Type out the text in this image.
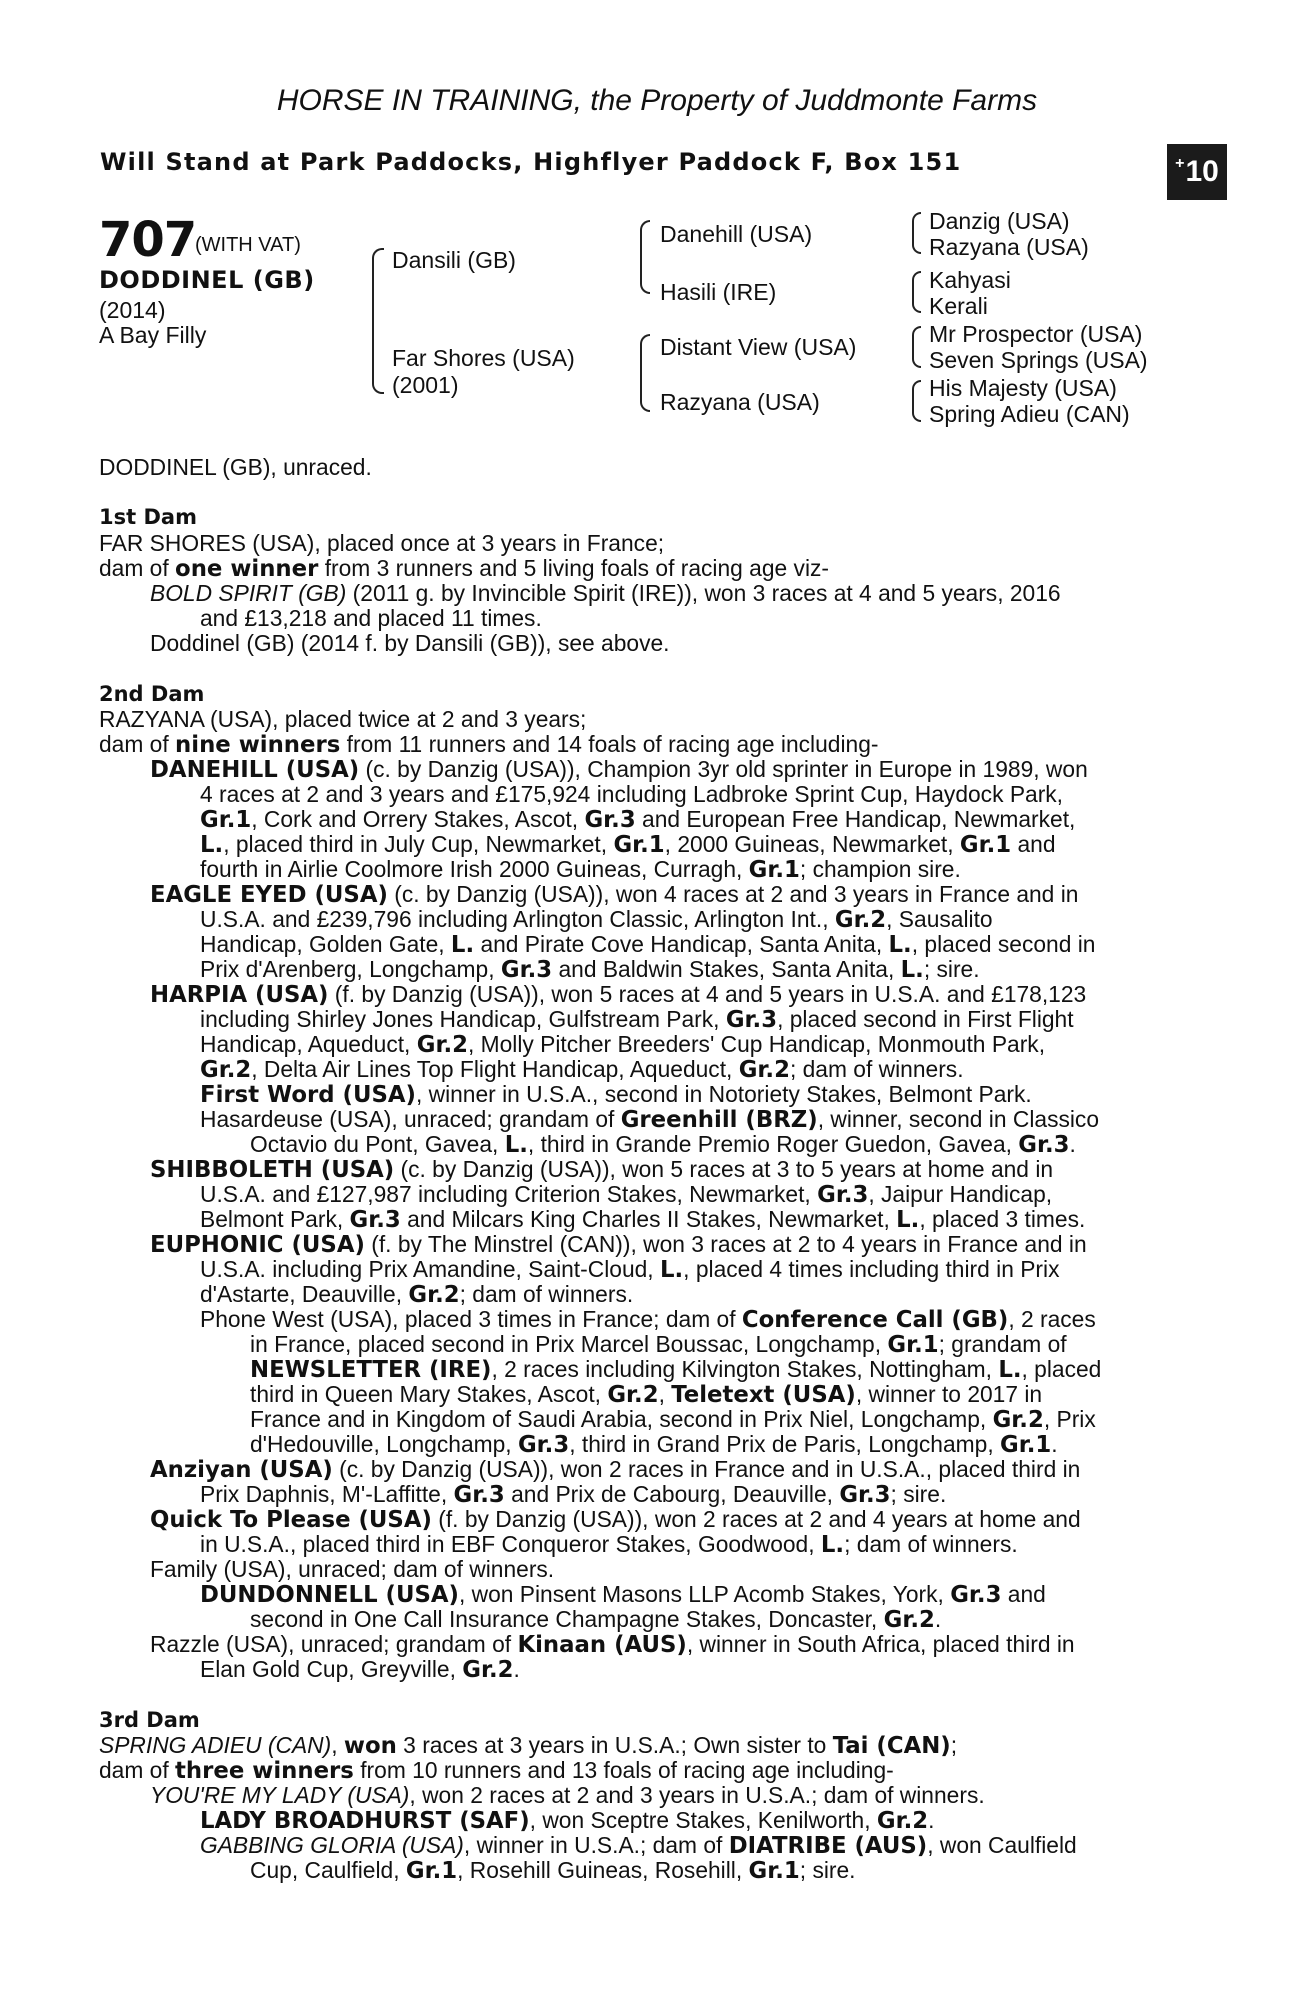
HORSE IN TRAINING, the Property of Juddmonte Farms
Will Stand at Park Paddocks, Highflyer Paddock F, Box 151	+ 10
707
(WITH VAT)
DODDINEL (GB)
(2014)
A Bay Filly
Dansili (GB)
Far Shores (USA)
(2001)
Danehill (USA)
Hasili (IRE)
Distant View (USA)
Razyana (USA)
Danzig (USA)
Razyana (USA)
Kahyasi
Kerali
Mr Prospector (USA)
Seven Springs (USA)
His Majesty (USA)
Spring Adieu (CAN)
DODDINEL (GB), unraced.
1st Dam
FAR SHORES (USA), placed once at 3 years in France;
dam of one winner from 3 runners and 5 living foals of racing age viz-
BOLD SPIRIT (GB) (2011 g. by Invincible Spirit (IRE)), won 3 races at 4 and 5 years, 2016
and £13,218 and placed 11 times.
Doddinel (GB) (2014 f. by Dansili (GB)), see above.
2nd Dam
RAZYANA (USA), placed twice at 2 and 3 years;
dam of nine winners from 11 runners and 14 foals of racing age including-
DANEHILL (USA) (c. by Danzig (USA)), Champion 3yr old sprinter in Europe in 1989, won
4 races at 2 and 3 years and £175,924 including Ladbroke Sprint Cup, Haydock Park,
Gr.1, Cork and Orrery Stakes, Ascot, Gr.3 and European Free Handicap, Newmarket,
L., placed third in July Cup, Newmarket, Gr.1, 2000 Guineas, Newmarket, Gr.1 and
fourth in Airlie Coolmore Irish 2000 Guineas, Curragh, Gr.1; champion sire.
EAGLE EYED (USA) (c. by Danzig (USA)), won 4 races at 2 and 3 years in France and in
U.S.A. and £239,796 including Arlington Classic, Arlington Int., Gr.2, Sausalito
Handicap, Golden Gate, L. and Pirate Cove Handicap, Santa Anita, L., placed second in
Prix d'Arenberg, Longchamp, Gr.3 and Baldwin Stakes, Santa Anita, L.; sire.
HARPIA (USA) (f. by Danzig (USA)), won 5 races at 4 and 5 years in U.S.A. and £178,123
including Shirley Jones Handicap, Gulfstream Park, Gr.3, placed second in First Flight
Handicap, Aqueduct, Gr.2, Molly Pitcher Breeders' Cup Handicap, Monmouth Park,
Gr.2, Delta Air Lines Top Flight Handicap, Aqueduct, Gr.2; dam of winners.
First Word (USA), winner in U.S.A., second in Notoriety Stakes, Belmont Park.
Hasardeuse (USA), unraced; grandam of Greenhill (BRZ), winner, second in Classico
Octavio du Pont, Gavea, L., third in Grande Premio Roger Guedon, Gavea, Gr.3.
SHIBBOLETH (USA) (c. by Danzig (USA)), won 5 races at 3 to 5 years at home and in
U.S.A. and £127,987 including Criterion Stakes, Newmarket, Gr.3, Jaipur Handicap,
Belmont Park, Gr.3 and Milcars King Charles II Stakes, Newmarket, L., placed 3 times.
EUPHONIC (USA) (f. by The Minstrel (CAN)), won 3 races at 2 to 4 years in France and in
U.S.A. including Prix Amandine, Saint-Cloud, L., placed 4 times including third in Prix
d'Astarte, Deauville, Gr.2; dam of winners.
Phone West (USA), placed 3 times in France; dam of Conference Call (GB), 2 races
in France, placed second in Prix Marcel Boussac, Longchamp, Gr.1; grandam of
NEWSLETTER (IRE), 2 races including Kilvington Stakes, Nottingham, L., placed
third in Queen Mary Stakes, Ascot, Gr.2, Teletext (USA), winner to 2017 in
France and in Kingdom of Saudi Arabia, second in Prix Niel, Longchamp, Gr.2, Prix
d'Hedouville, Longchamp, Gr.3, third in Grand Prix de Paris, Longchamp, Gr.1.
Anziyan (USA) (c. by Danzig (USA)), won 2 races in France and in U.S.A., placed third in
Prix Daphnis, M'-Laffitte, Gr.3 and Prix de Cabourg, Deauville, Gr.3; sire.
Quick To Please (USA) (f. by Danzig (USA)), won 2 races at 2 and 4 years at home and
in U.S.A., placed third in EBF Conqueror Stakes, Goodwood, L.; dam of winners.
Family (USA), unraced; dam of winners.
DUNDONNELL (USA), won Pinsent Masons LLP Acomb Stakes, York, Gr.3 and
second in One Call Insurance Champagne Stakes, Doncaster, Gr.2.
Razzle (USA), unraced; grandam of Kinaan (AUS), winner in South Africa, placed third in
Elan Gold Cup, Greyville, Gr.2.
3rd Dam
SPRING ADIEU (CAN), won 3 races at 3 years in U.S.A.; Own sister to Tai (CAN);
dam of three winners from 10 runners and 13 foals of racing age including-
YOU'RE MY LADY (USA), won 2 races at 2 and 3 years in U.S.A.; dam of winners.
LADY BROADHURST (SAF), won Sceptre Stakes, Kenilworth, Gr.2.
GABBING GLORIA (USA), winner in U.S.A.; dam of DIATRIBE (AUS), won Caulfield
Cup, Caulfield, Gr.1, Rosehill Guineas, Rosehill, Gr.1; sire.
